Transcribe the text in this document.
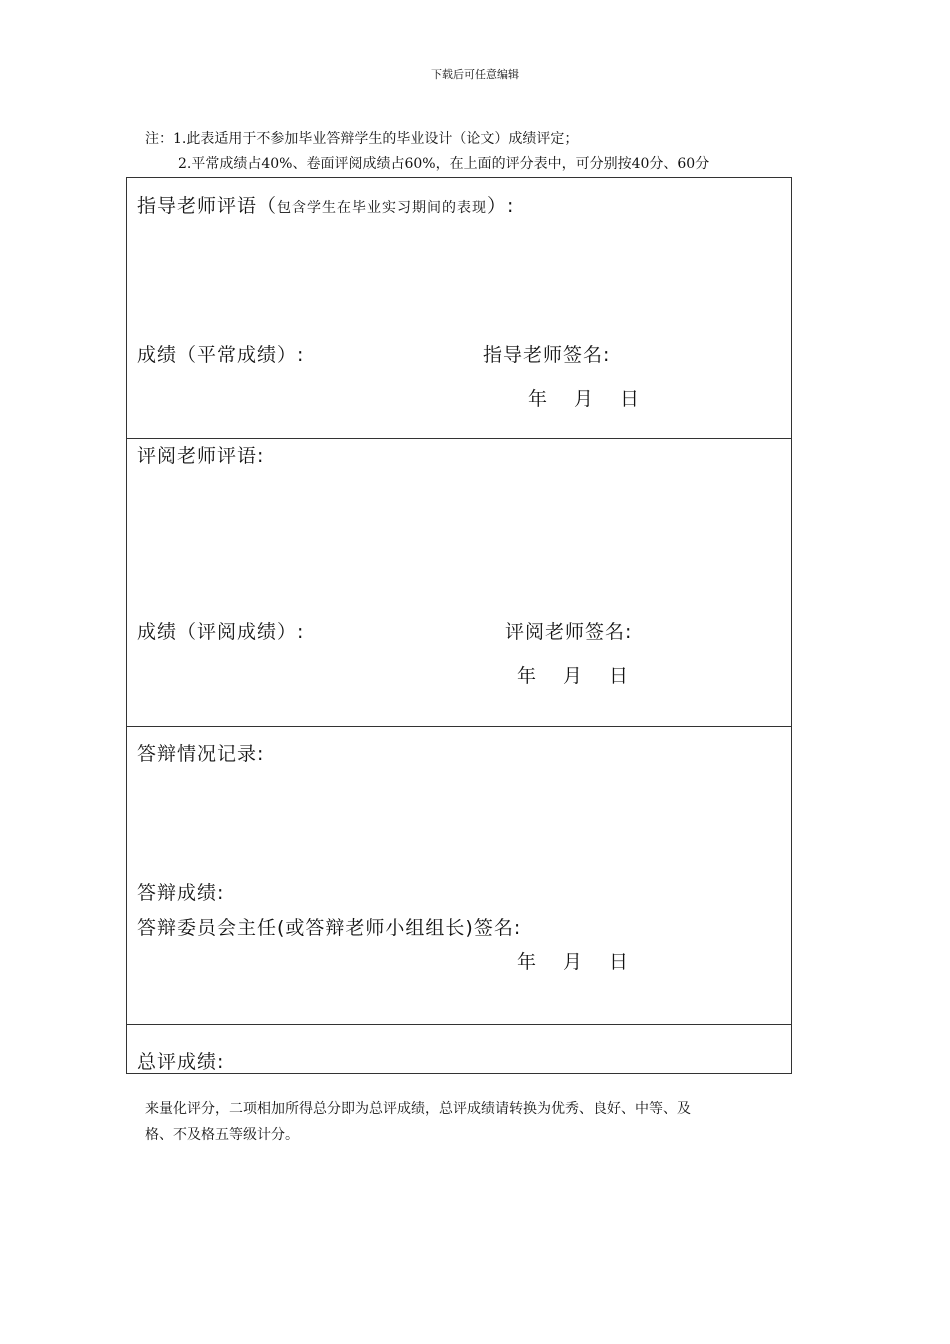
下载后可任意编辑
注：1.此表适用于不参加毕业答辩学生的毕业设计（论文）成绩评定；
2.平常成绩占40%、卷面评阅成绩占60%，在上面的评分表中，可分别按40分、60分
指导老师评语（包含学生在毕业实习期间的表现）:
成绩（平常成绩）:	指导老师签名:
年 月 日
评阅老师评语:
成绩（评阅成绩）:	评阅老师签名:
年 月 日
答辩情况记录:
答辩成绩:
答辩委员会主任(或答辩老师小组组长)签名:
年 月 日
总评成绩:
来量化评分，二项相加所得总分即为总评成绩，总评成绩请转换为优秀、良好、中等、及
格、不及格五等级计分。
